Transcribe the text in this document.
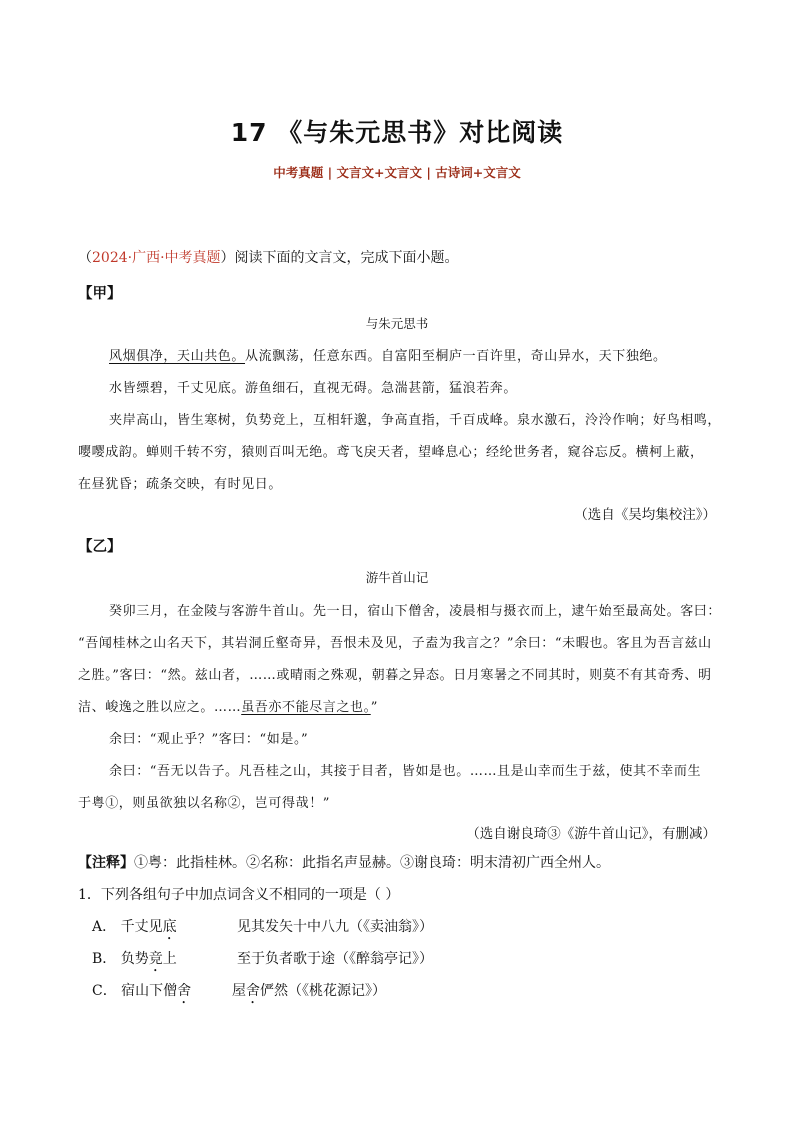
17 《与朱元思书》对比阅读
中考真题 | 文言文+文言文 | 古诗词+文言文
（2024·广西·中考真题）阅读下面的文言文，完成下面小题。
【甲】
与朱元思书
风烟俱净，天山共色。从流飘荡，任意东西。自富阳至桐庐一百许里，奇山异水，天下独绝。
水皆缥碧，千丈见底。游鱼细石，直视无碍。急湍甚箭，猛浪若奔。
夹岸高山，皆生寒树，负势竞上，互相轩邈，争高直指，千百成峰。泉水激石，泠泠作响；好鸟相鸣，
嘤嘤成韵。蝉则千转不穷，猿则百叫无绝。鸢飞戾天者，望峰息心；经纶世务者，窥谷忘反。横柯上蔽，
在昼犹昏；疏条交映，有时见日。
（选自《吴均集校注》）
【乙】
游牛首山记
癸卯三月，在金陵与客游牛首山。先一日，宿山下僧舍，凌晨相与摄衣而上，逮午始至最高处。客曰：
“吾闻桂林之山名天下，其岩洞丘壑奇异，吾恨未及见，子盍为我言之？”余曰：“未暇也。客且为吾言兹山
之胜。”客曰：“然。兹山者，……或晴雨之殊观，朝暮之异态。日月寒暑之不同其时，则莫不有其奇秀、明
洁、峻逸之胜以应之。……虽吾亦不能尽言之也。”
余曰：“观止乎？”客曰：“如是。”
余曰：“吾无以告子。凡吾桂之山，其接于目者，皆如是也。……且是山幸而生于兹，使其不幸而生
于粤①，则虽欲独以名称②，岂可得哉！”
（选自谢良琦③《游牛首山记》，有删减）
【注释】①粤：此指桂林。②名称：此指名声显赫。③谢良琦：明末清初广西全州人。
1．下列各组句子中加点词含义不相同的一项是（ ）
A． 千丈见底	见其发矢十中八九（《卖油翁》）
B． 负势竞上	至于负者歌于途（《醉翁亭记》）
C． 宿山下僧舍	屋舍俨然（《桃花源记》）
